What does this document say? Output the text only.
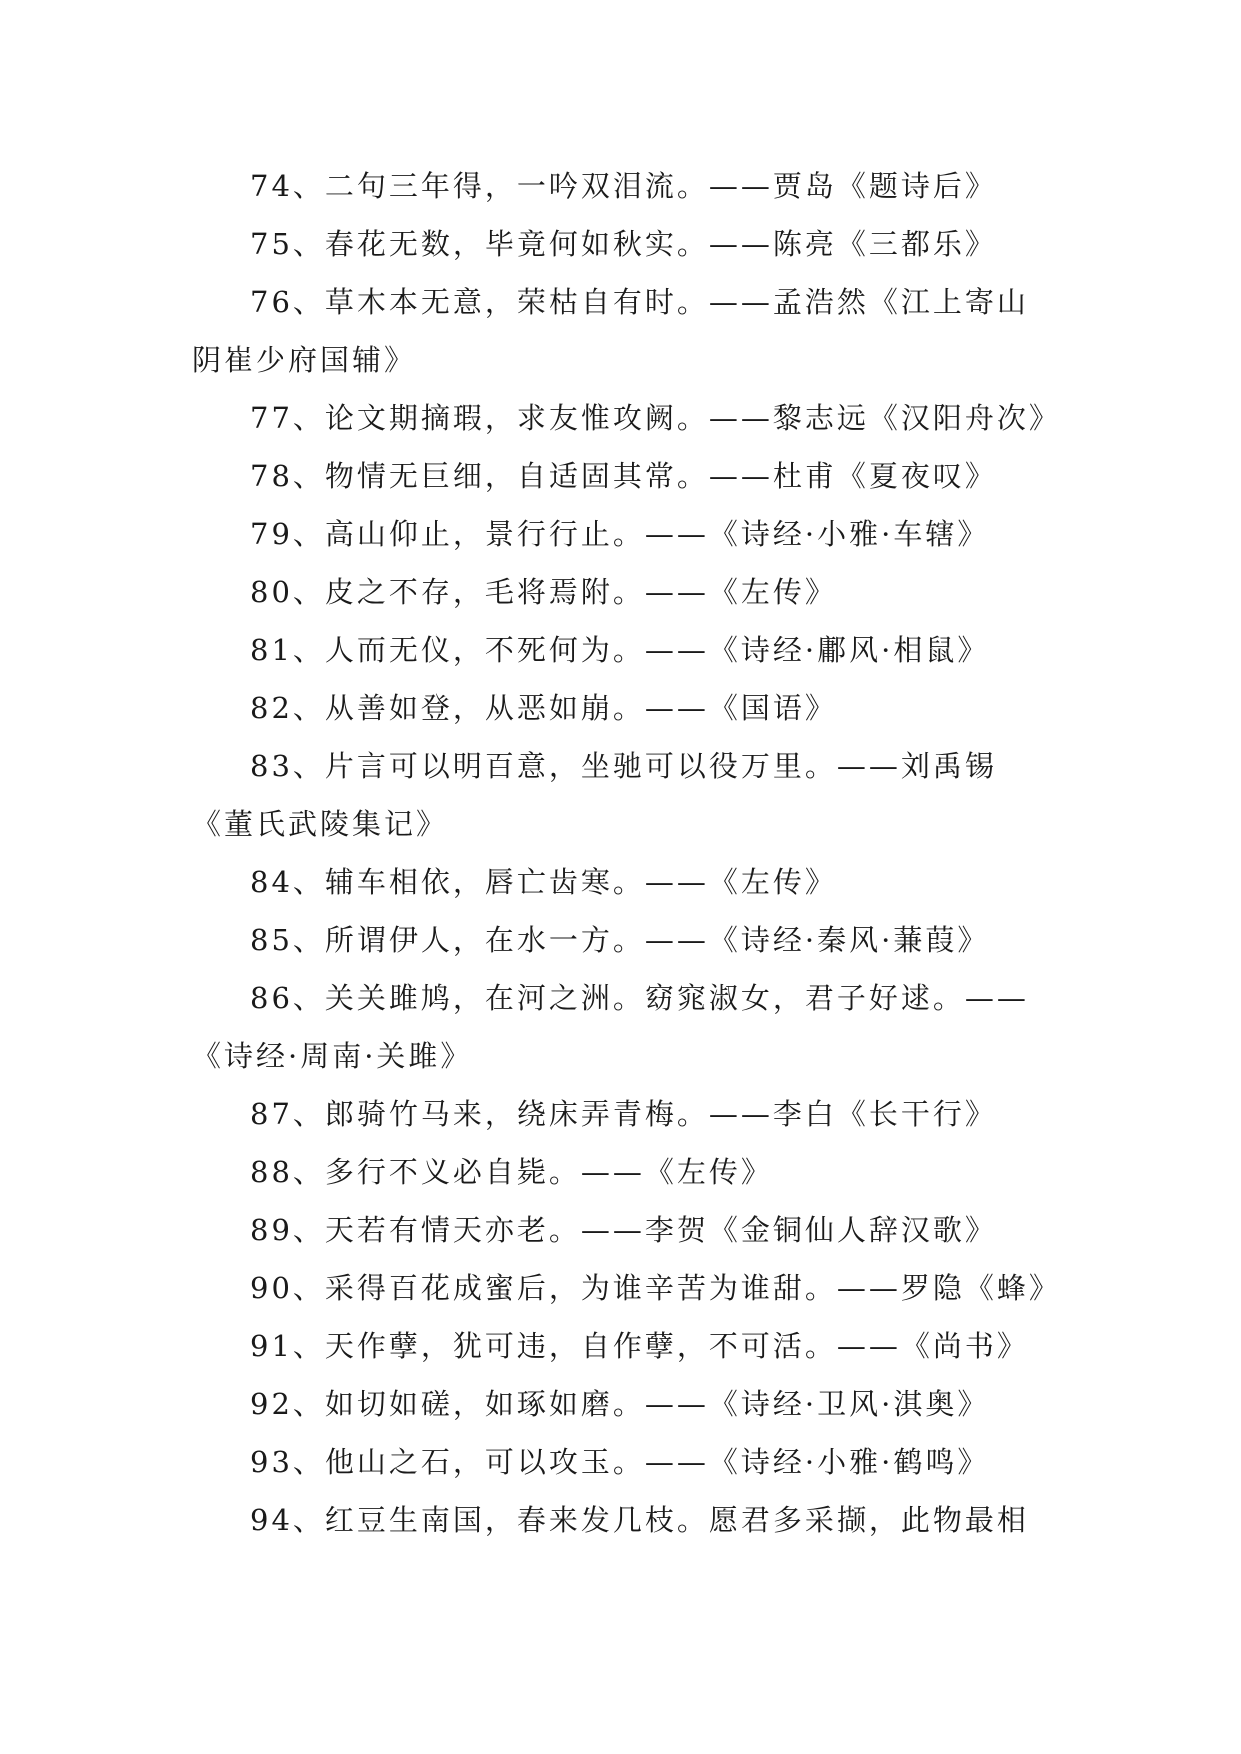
74、二句三年得，一吟双泪流。——贾岛《题诗后》
75、春花无数，毕竟何如秋实。——陈亮《三都乐》
76、草木本无意，荣枯自有时。——孟浩然《江上寄山
阴崔少府国辅》
77、论文期摘瑕，求友惟攻阙。——黎志远《汉阳舟次》
78、物情无巨细，自适固其常。——杜甫《夏夜叹》
79、高山仰止，景行行止。——《诗经·小雅·车辖》
80、皮之不存，毛将焉附。——《左传》
81、人而无仪，不死何为。——《诗经·鄘风·相鼠》
82、从善如登，从恶如崩。——《国语》
83、片言可以明百意，坐驰可以役万里。——刘禹锡
《董氏武陵集记》
84、辅车相依，唇亡齿寒。——《左传》
85、所谓伊人，在水一方。——《诗经·秦风·蒹葭》
86、关关雎鸠，在河之洲。窈窕淑女，君子好逑。——
《诗经·周南·关雎》
87、郎骑竹马来，绕床弄青梅。——李白《长干行》
88、多行不义必自毙。——《左传》
89、天若有情天亦老。——李贺《金铜仙人辞汉歌》
90、采得百花成蜜后，为谁辛苦为谁甜。——罗隐《蜂》
91、天作孽，犹可违，自作孽，不可活。——《尚书》
92、如切如磋，如琢如磨。——《诗经·卫风·淇奥》
93、他山之石，可以攻玉。——《诗经·小雅·鹤鸣》
94、红豆生南国，春来发几枝。愿君多采撷，此物最相
